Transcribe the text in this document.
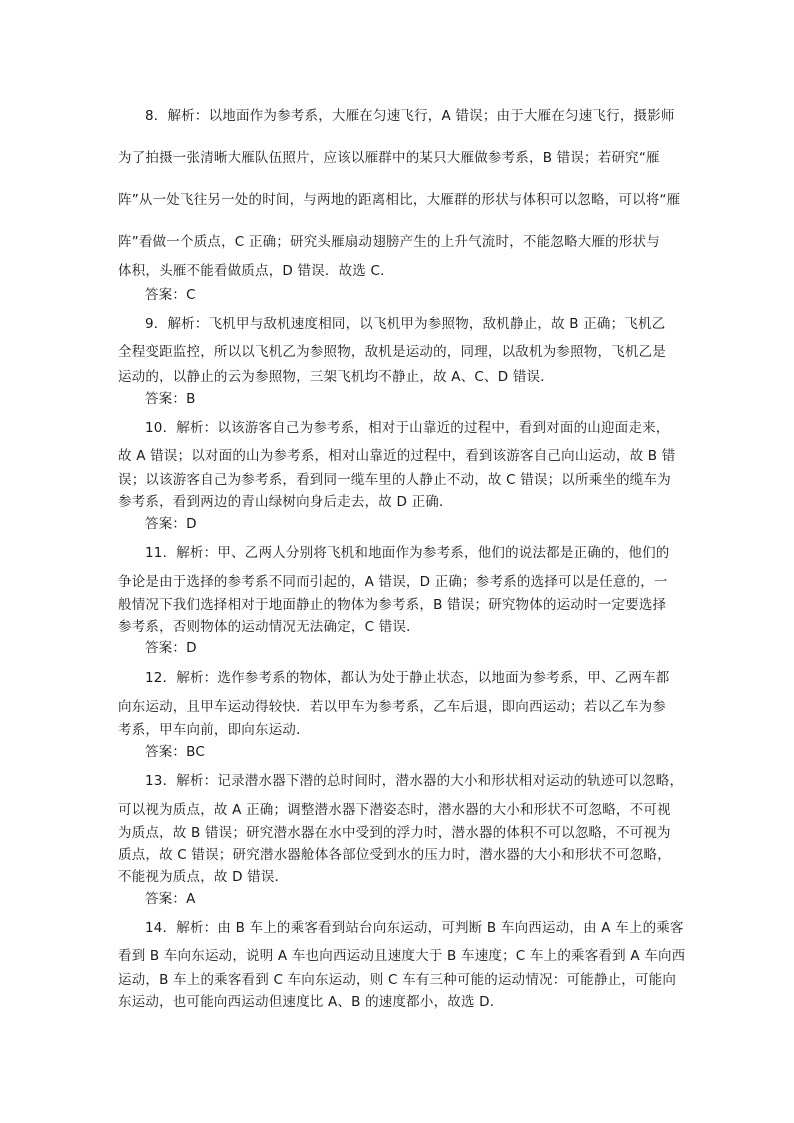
8．解析：以地面作为参考系，大雁在匀速飞行，A 错误；由于大雁在匀速飞行，摄影师
为了拍摄一张清晰大雁队伍照片，应该以雁群中的某只大雁做参考系，B 错误；若研究“雁
阵”从一处飞往另一处的时间，与两地的距离相比，大雁群的形状与体积可以忽略，可以将“雁
阵”看做一个质点，C 正确；研究头雁扇动翅膀产生的上升气流时，不能忽略大雁的形状与
体积，头雁不能看做质点，D 错误．故选 C.
答案：C
9．解析：飞机甲与敌机速度相同，以飞机甲为参照物，敌机静止，故 B 正确；飞机乙
全程变距监控，所以以飞机乙为参照物，敌机是运动的，同理，以敌机为参照物，飞机乙是
运动的，以静止的云为参照物，三架飞机均不静止，故 A、C、D 错误．
答案：B
10．解析：以该游客自己为参考系，相对于山靠近的过程中，看到对面的山迎面走来，
故 A 错误；以对面的山为参考系，相对山靠近的过程中，看到该游客自己向山运动，故 B 错
误；以该游客自己为参考系，看到同一缆车里的人静止不动，故 C 错误；以所乘坐的缆车为
参考系，看到两边的青山绿树向身后走去，故 D 正确．
答案：D
11．解析：甲、乙两人分别将飞机和地面作为参考系，他们的说法都是正确的，他们的
争论是由于选择的参考系不同而引起的，A 错误，D 正确；参考系的选择可以是任意的，一
般情况下我们选择相对于地面静止的物体为参考系，B 错误；研究物体的运动时一定要选择
参考系，否则物体的运动情况无法确定，C 错误．
答案：D
12．解析：选作参考系的物体，都认为处于静止状态，以地面为参考系，甲、乙两车都
向东运动，且甲车运动得较快．若以甲车为参考系，乙车后退，即向西运动；若以乙车为参
考系，甲车向前，即向东运动．
答案：BC
13．解析：记录潜水器下潜的总时间时，潜水器的大小和形状相对运动的轨迹可以忽略，
可以视为质点，故 A 正确；调整潜水器下潜姿态时，潜水器的大小和形状不可忽略，不可视
为质点，故 B 错误；研究潜水器在水中受到的浮力时，潜水器的体积不可以忽略，不可视为
质点，故 C 错误；研究潜水器舱体各部位受到水的压力时，潜水器的大小和形状不可忽略，
不能视为质点，故 D 错误．
答案：A
14．解析：由 B 车上的乘客看到站台向东运动，可判断 B 车向西运动，由 A 车上的乘客
看到 B 车向东运动，说明 A 车也向西运动且速度大于 B 车速度；C 车上的乘客看到 A 车向西
运动，B 车上的乘客看到 C 车向东运动，则 C 车有三种可能的运动情况：可能静止，可能向
东运动，也可能向西运动但速度比 A、B 的速度都小，故选 D.
